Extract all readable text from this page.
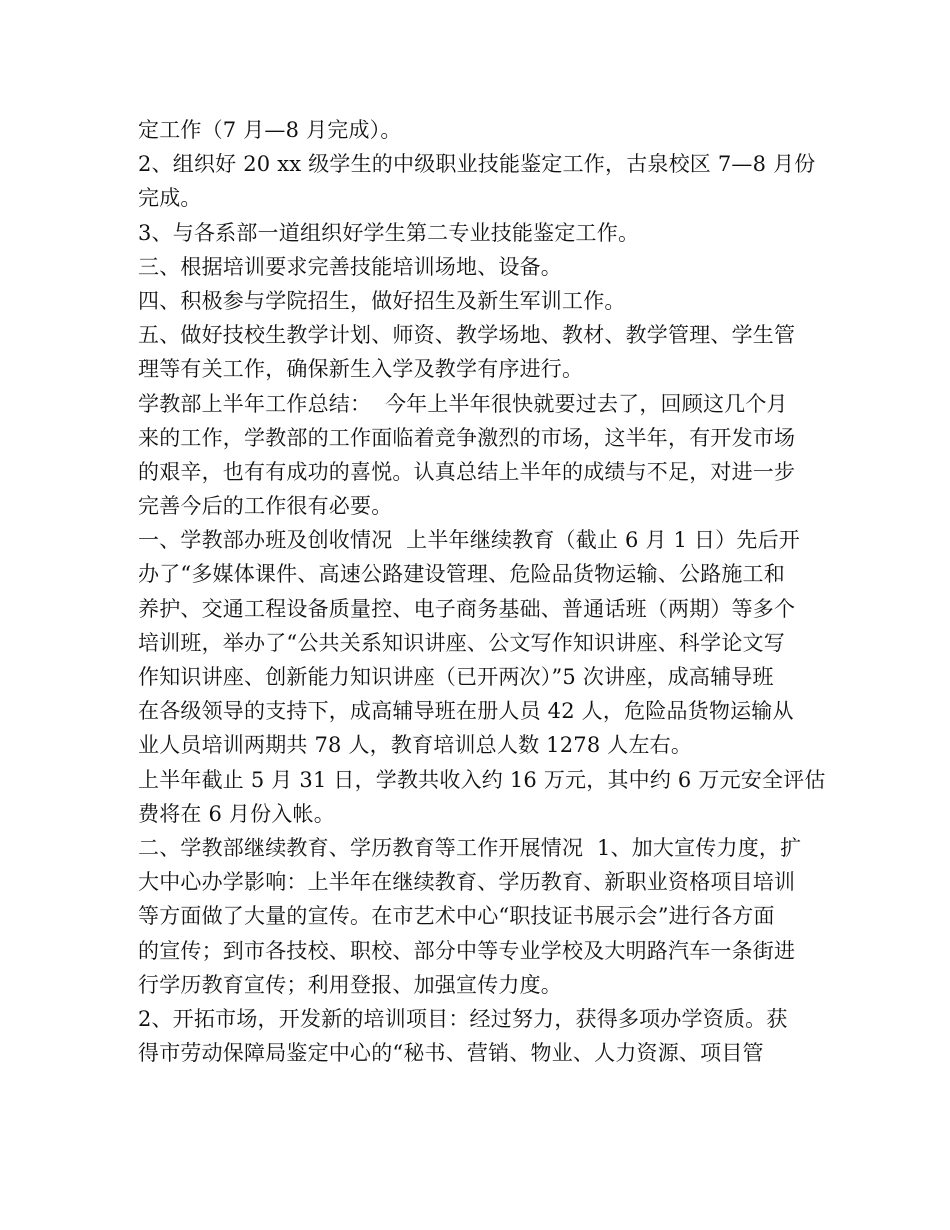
定工作（7 月—8 月完成）。
2、组织好 20 xx 级学生的中级职业技能鉴定工作，古泉校区 7—8 月份
完成。
3、与各系部一道组织好学生第二专业技能鉴定工作。
三、根据培训要求完善技能培训场地、设备。
四、积极参与学院招生，做好招生及新生军训工作。
五、做好技校生教学计划、师资、教学场地、教材、教学管理、学生管
理等有关工作，确保新生入学及教学有序进行。
学教部上半年工作总结：  今年上半年很快就要过去了，回顾这几个月
来的工作，学教部的工作面临着竞争激烈的市场，这半年，有开发市场
的艰辛，也有有成功的喜悦。认真总结上半年的成绩与不足，对进一步
完善今后的工作很有必要。
一、学教部办班及创收情况  上半年继续教育（截止 6 月 1 日）先后开
办了“多媒体课件、高速公路建设管理、危险品货物运输、公路施工和
养护、交通工程设备质量控、电子商务基础、普通话班（两期）等多个
培训班，举办了“公共关系知识讲座、公文写作知识讲座、科学论文写
作知识讲座、创新能力知识讲座（已开两次）”5 次讲座，成高辅导班
在各级领导的支持下，成高辅导班在册人员 42 人，危险品货物运输从
业人员培训两期共 78 人，教育培训总人数 1278 人左右。
上半年截止 5 月 31 日，学教共收入约 16 万元，其中约 6 万元安全评估
费将在 6 月份入帐。
二、学教部继续教育、学历教育等工作开展情况  1、加大宣传力度，扩
大中心办学影响：上半年在继续教育、学历教育、新职业资格项目培训
等方面做了大量的宣传。在市艺术中心“职技证书展示会”进行各方面
的宣传；到市各技校、职校、部分中等专业学校及大明路汽车一条街进
行学历教育宣传；利用登报、加强宣传力度。
2、开拓市场，开发新的培训项目：经过努力，获得多项办学资质。获
得市劳动保障局鉴定中心的“秘书、营销、物业、人力资源、项目管
